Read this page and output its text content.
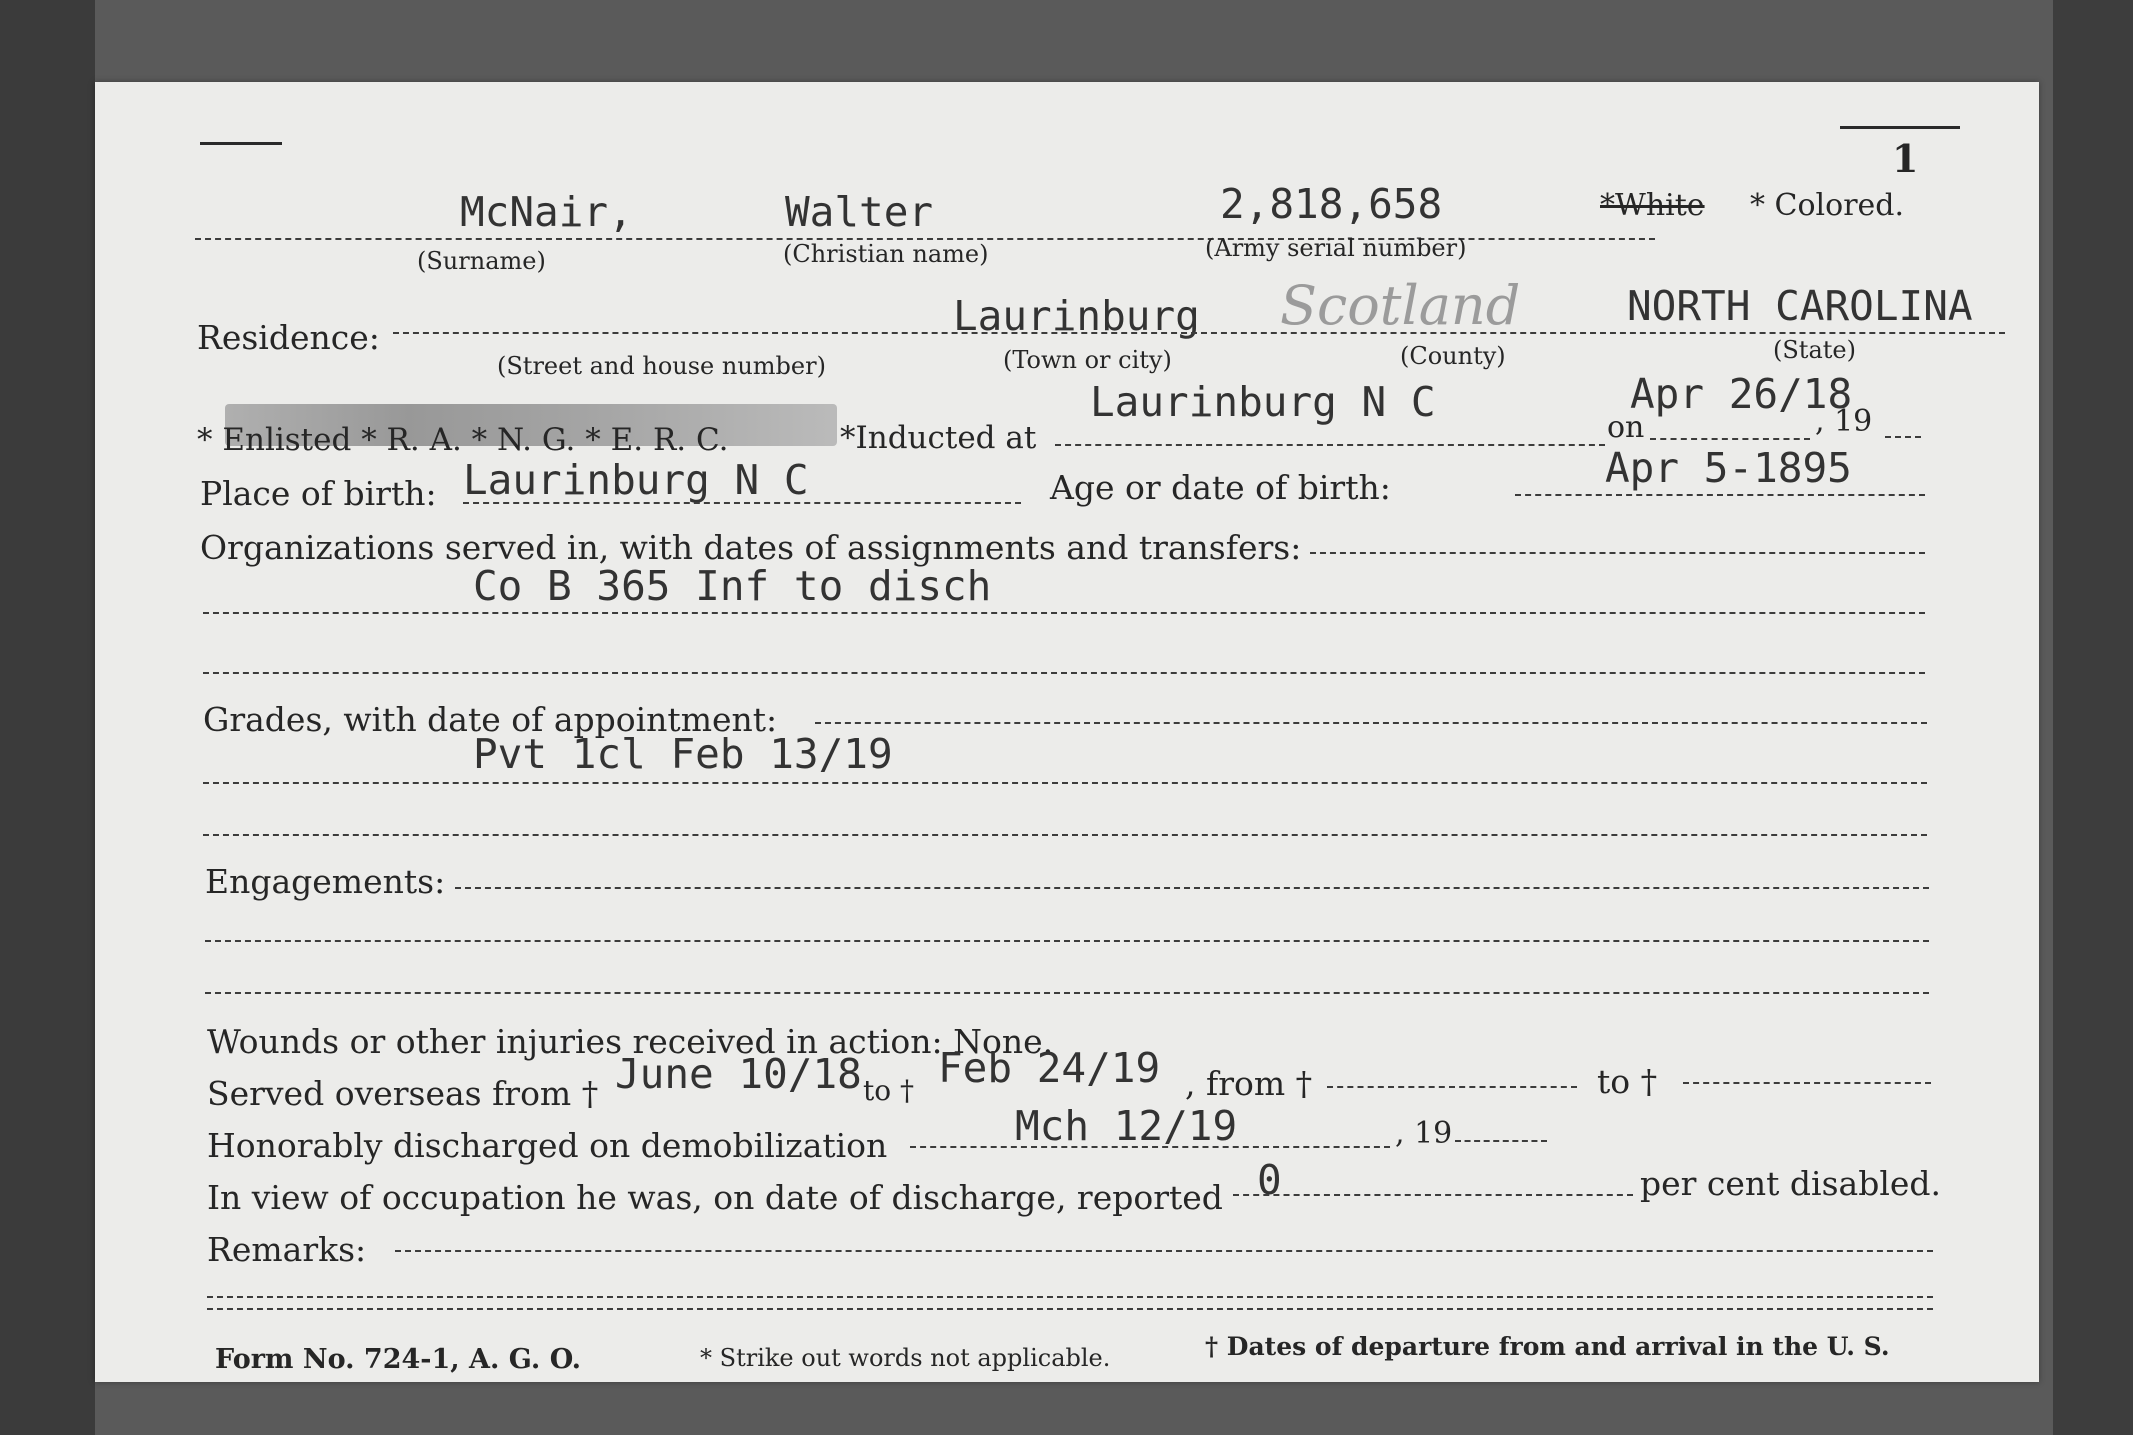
1
McNair,	Walter	2,818,658
(Surname)	(Christian name)	(Army serial number)
*White * Colored.
Residence:	Laurinburg Scotland	NORTH CAROLINA
(Street and house number)	(Town or city)	(County)	(State)
* Enlisted * R. A. * N. G. * E. R. C.	*Inducted at
Laurinburg N C
on
Apr 26/18
, 19
Place of birth: Laurinburg N C	Age or date of birth:	Apr 5-1895
Organizations served in, with dates of assignments and transfers:
Co B 365 Inf to disch
Grades, with date of appointment:
Pvt 1cl Feb 13/19
Engagements:
Wounds or other injuries received in action: None.
Served overseas from † June 10/18 to † Feb 24/19 , from †	to †
Honorably discharged on demobilization	Mch 12/19	, 19
In view of occupation he was, on date of discharge, reported 0	per cent disabled.
Remarks:
Form No. 724-1, A. G. O.	* Strike out words not applicable.	† Dates of departure from and arrival in the U. S.
